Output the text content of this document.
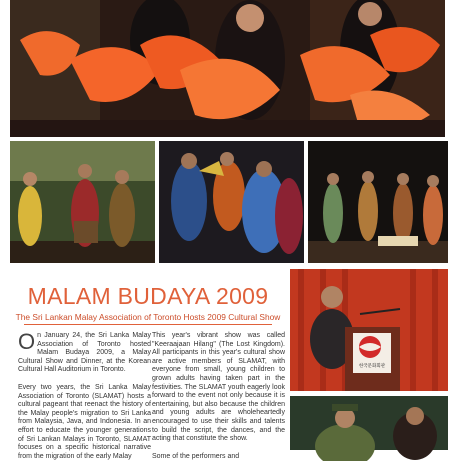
한국문화회관
MALAM BUDAYA 2009

The Sri Lankan Malay Association of Toronto Hosts 2009 Cultural Show

On January 24, the Sri Lanka Malay Association of Toronto hosted Malam Budaya 2009, a Malay Cultural Show and Dinner, at the Korean Cultural Hall Auditorium in Toronto.

Every two years, the Sri Lanka Malay Association of Toronto (SLAMAT) hosts a cultural pageant that reenact the history of the Malay people's migration to Sri Lanka from Malaysia, Java, and Indonesia. In an effort to educate the younger generations of Sri Lankan Malays in Toronto, SLAMAT focuses on a specific historical narrative from the migration of the early Malay

This year's vibrant show was called "Keeraajaan Hilang" (The Lost Kingdom). All participants in this year's cultural show are active members of SLAMAT, with everyone from small, young children to grown adults having taken part in the festivities. The SLAMAT youth eagerly look forward to the event not only because it is entertaining, but also because the children and young adults are wholeheartedly encouraged to use their skills and talents to build the script, the dances, and the acting that constitute the show.

Some of the performers and
